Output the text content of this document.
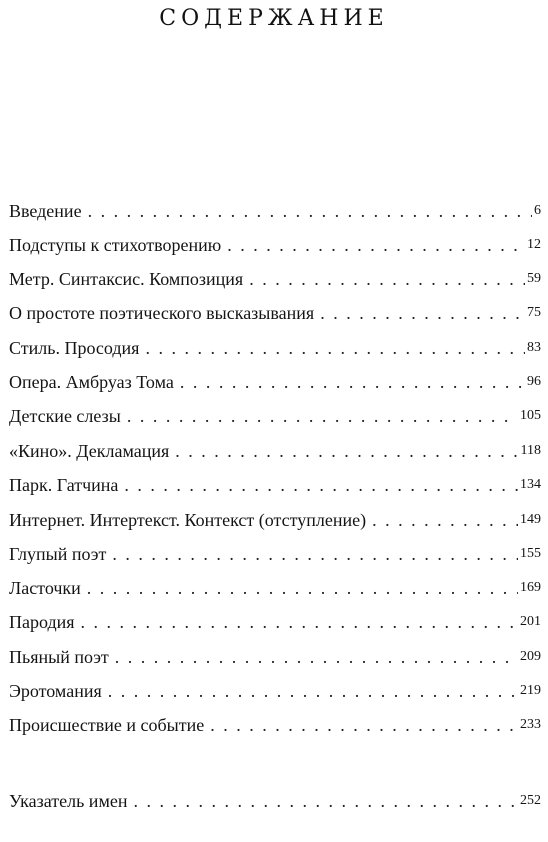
СОДЕРЖАНИЕ
Введение . . .	6
Подступы к стихотворению . . .	12
Метр. Синтаксис. Композиция . . .	59
О простоте поэтического высказывания . . .	75
Стиль. Просодия . . .	83
Опера. Амбруаз Тома . . .	96
Детские слезы . . .	105
«Кино». Декламация . . .	118
Парк. Гатчина . . .	134
Интернет. Интертекст. Контекст (отступление) . . .	149
Глупый поэт . . .	155
Ласточки . . .	169
Пародия . . .	201
Пьяный поэт . . .	209
Эротомания . . .	219
Происшествие и событие . . .	233
Указатель имен . . .	252
